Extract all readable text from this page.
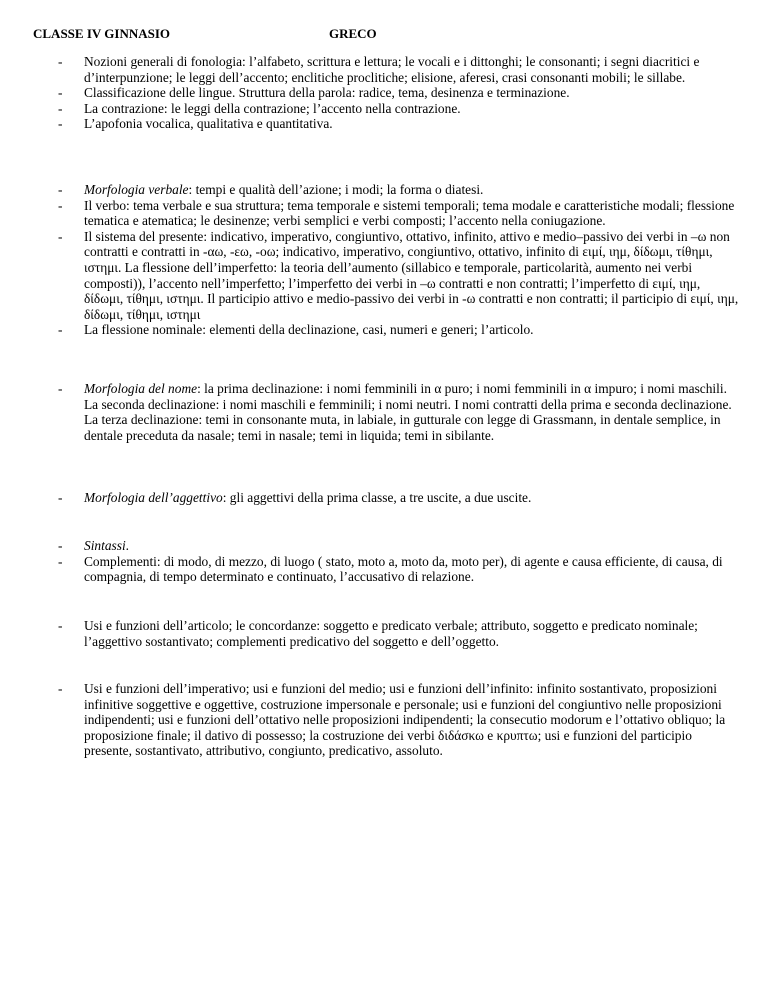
CLASSE IV GINNASIO	GRECO
- Nozioni generali di fonologia: l’alfabeto, scrittura e lettura; le vocali e i dittonghi; le consonanti; i segni diacritici e d’interpunzione; le leggi dell’accento; enclitiche proclitiche; elisione, aferesi, crasi consonanti mobili; le sillabe.
- Classificazione delle lingue. Struttura della parola: radice, tema, desinenza e terminazione.
- La contrazione: le leggi della contrazione; l’accento nella contrazione.
- L’apofonia vocalica, qualitativa e quantitativa.
- Morfologia verbale: tempi e qualità dell’azione; i modi; la forma o diatesi.
- Il verbo: tema verbale e sua struttura; tema temporale e sistemi temporali; tema modale e caratteristiche modali; flessione tematica e atematica; le desinenze; verbi semplici e verbi composti; l’accento nella coniugazione.
- Il sistema del presente: indicativo, imperativo, congiuntivo, ottativo, infinito, attivo e medio–passivo dei verbi in –ω non contratti e contratti in -αω, -εω, -οω; indicativo, imperativo, congiuntivo, ottativo, infinito di ειμί, ιημ, δίδωμι, τίθημι, ιστημι. La flessione dell’imperfetto: la teoria dell’aumento (sillabico e temporale, particolarità, aumento nei verbi composti)), l’accento nell’imperfetto; l’imperfetto dei verbi in –ω contratti e non contratti; l’imperfetto di ειμί, ιημ, δίδωμι, τίθημι, ιστημι. Il participio attivo e medio-passivo dei verbi in -ω contratti e non contratti; il participio di ειμί, ιημ, δίδωμι, τίθημι, ιστημι
- La flessione nominale: elementi della declinazione, casi, numeri e generi; l’articolo.
- Morfologia del nome: la prima declinazione: i nomi femminili in α puro; i nomi femminili in α impuro; i nomi maschili. La seconda declinazione: i nomi maschili e femminili; i nomi neutri. I nomi contratti della prima e seconda declinazione. La terza declinazione: temi in consonante muta, in labiale, in gutturale con legge di Grassmann, in dentale semplice, in dentale preceduta da nasale; temi in nasale; temi in liquida; temi in sibilante.
- Morfologia dell’aggettivo: gli aggettivi della prima classe, a tre uscite, a due uscite.
- Sintassi.
- Complementi: di modo, di mezzo, di luogo ( stato, moto a, moto da, moto per), di agente e causa efficiente, di causa, di compagnia, di tempo determinato e continuato, l’accusativo di relazione.
- Usi e funzioni dell’articolo; le concordanze: soggetto e predicato verbale; attributo, soggetto e predicato nominale; l’aggettivo sostantivato; complementi predicativo del soggetto e dell’oggetto.
- Usi e funzioni dell’imperativo; usi e funzioni del medio; usi e funzioni dell’infinito: infinito sostantivato, proposizioni infinitive soggettive e oggettive, costruzione impersonale e personale; usi e funzioni del congiuntivo nelle proposizioni indipendenti; usi e funzioni dell’ottativo nelle proposizioni indipendenti; la consecutio modorum e l’ottativo obliquo; la proposizione finale; il dativo di possesso; la costruzione dei verbi διδάσκω e κρυπτω; usi e funzioni del participio presente, sostantivato, attributivo, congiunto, predicativo, assoluto.
